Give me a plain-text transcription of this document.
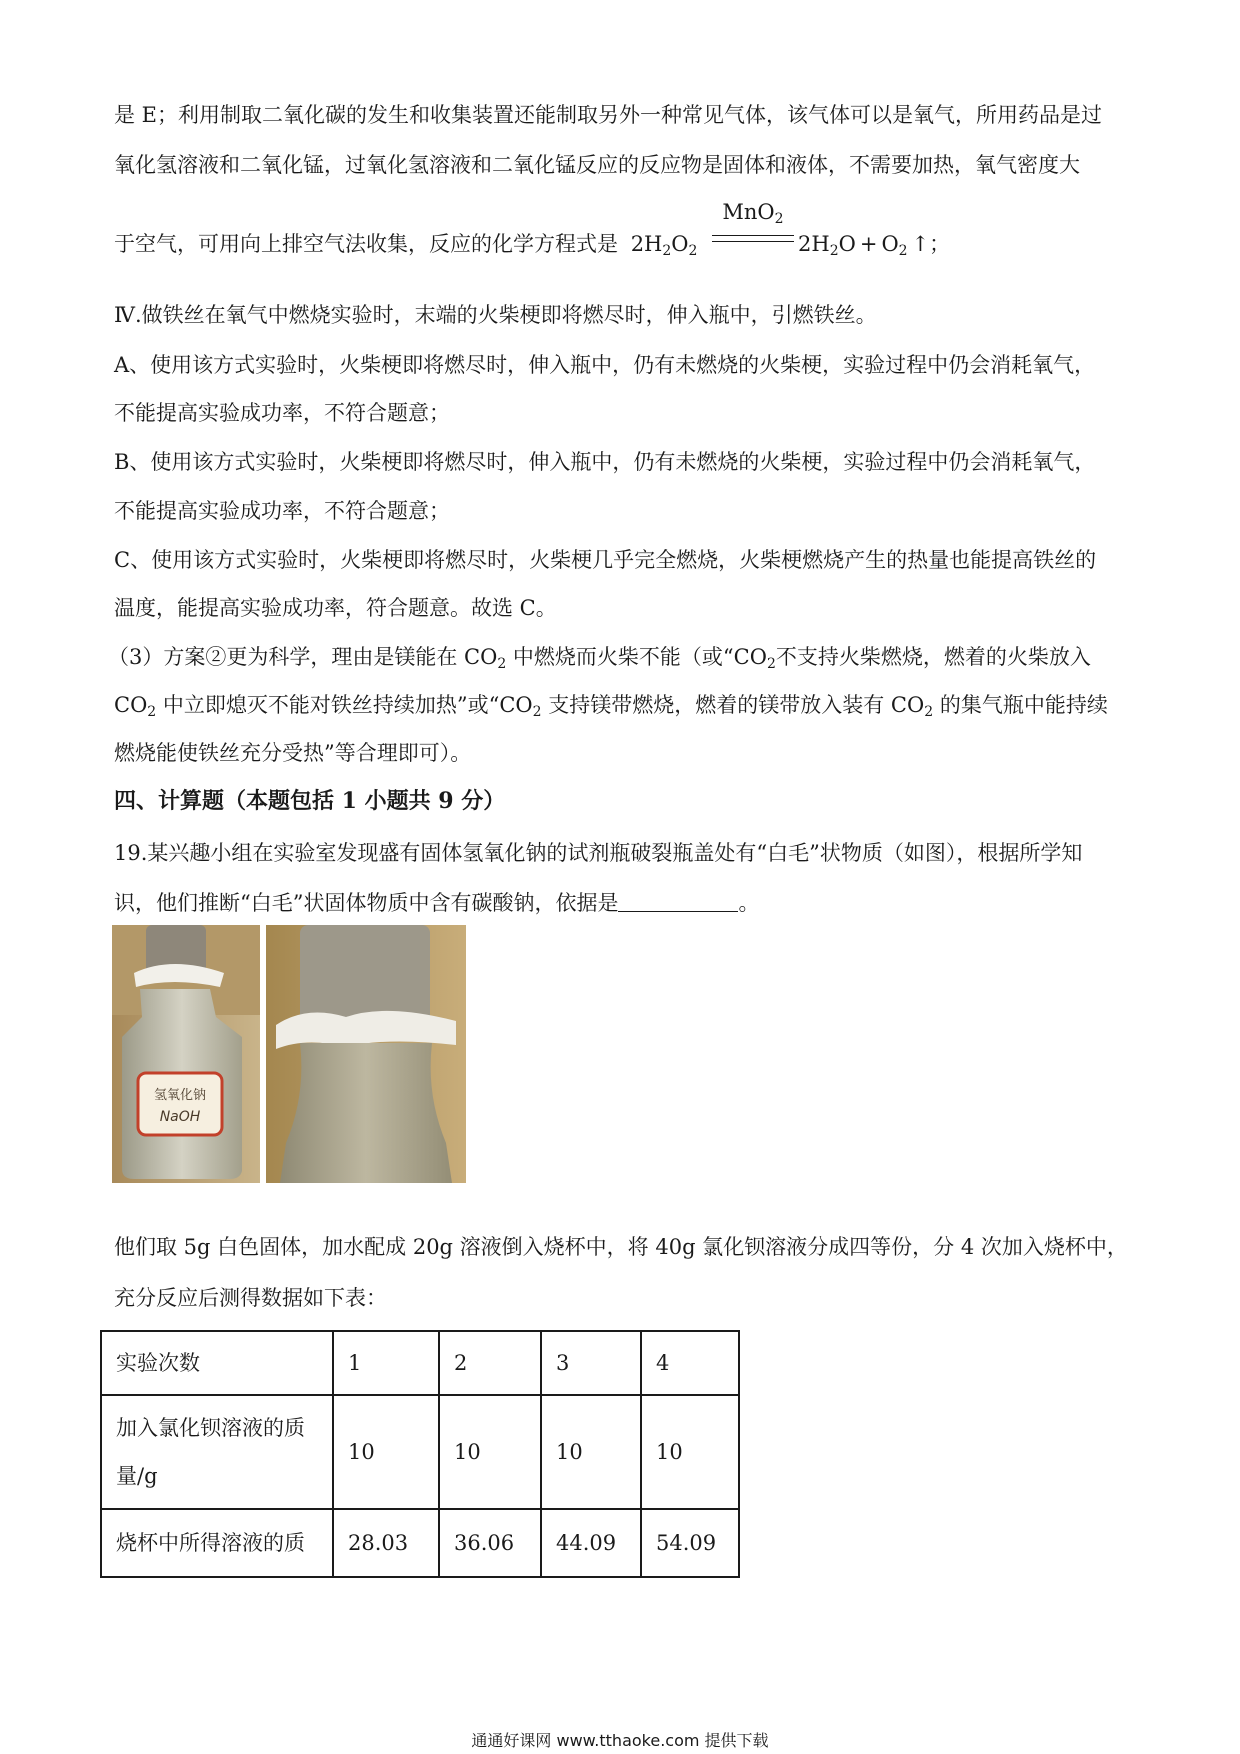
是 E；利用制取二氧化碳的发生和收集装置还能制取另外一种常见气体，该气体可以是氧气，所用药品是过
氧化氢溶液和二氧化锰，过氧化氢溶液和二氧化锰反应的反应物是固体和液体，不需要加热，氧气密度大
于空气，可用向上排空气法收集，反应的化学方程式是 $2H_2O_2$
MnO$_2$
$2H_2O + O_2$ ↑；
Ⅳ.做铁丝在氧气中燃烧实验时，末端的火柴梗即将燃尽时，伸入瓶中，引燃铁丝。
A、使用该方式实验时，火柴梗即将燃尽时，伸入瓶中，仍有未燃烧的火柴梗，实验过程中仍会消耗氧气，
不能提高实验成功率，不符合题意；
B、使用该方式实验时，火柴梗即将燃尽时，伸入瓶中，仍有未燃烧的火柴梗，实验过程中仍会消耗氧气，
不能提高实验成功率，不符合题意；
C、使用该方式实验时，火柴梗即将燃尽时，火柴梗几乎完全燃烧，火柴梗燃烧产生的热量也能提高铁丝的
温度，能提高实验成功率，符合题意。故选 C。
（3）方案②更为科学，理由是镁能在 $CO_2$ 中燃烧而火柴不能（或“$CO_2$不支持火柴燃烧，燃着的火柴放入
$CO_2$ 中立即熄灭不能对铁丝持续加热”或“$CO_2$ 支持镁带燃烧，燃着的镁带放入装有 $CO_2$ 的集气瓶中能持续
燃烧能使铁丝充分受热”等合理即可）。
四、计算题（本题包括 1 小题共 9 分）
19.某兴趣小组在实验室发现盛有固体氢氧化钠的试剂瓶破裂瓶盖处有“白毛”状物质（如图），根据所学知
识，他们推断“白毛”状固体物质中含有碳酸钠，依据是	。
氢氧化钠
NaOH
他们取 5g 白色固体，加水配成 20g 溶液倒入烧杯中，将 40g 氯化钡溶液分成四等份，分 4 次加入烧杯中，
充分反应后测得数据如下表：
实验次数	1	2	3	4

加入氯化钡溶液的质
量/g	10	10	10	10
烧杯中所得溶液的质	28.03	36.06	44.09	54.09
通通好课网 www.tthaoke.com 提供下载
